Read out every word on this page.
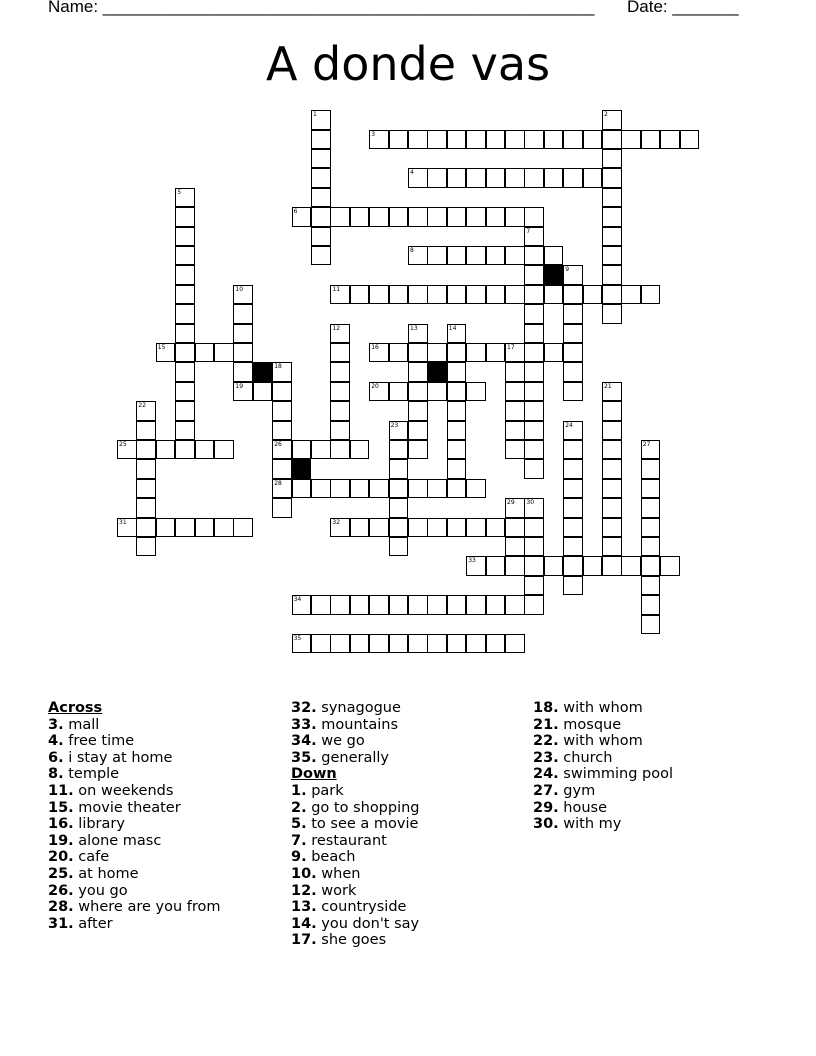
Name: ____________________________________________________ Date: _______
A donde vas
3
4
6
8
11
15	16	17
19	20
25	26
28
31	32
33
34
35
1	2
5
7
9
10
12	13	14
18
21
22
23	24
27
29 30
Across
3. mall
4. free time
6. i stay at home
8. temple
11. on weekends
15. movie theater
16. library
19. alone masc
20. cafe
25. at home
26. you go
28. where are you from
31. after
32. synagogue
33. mountains
34. we go
35. generally
Down
1. park
2. go to shopping
5. to see a movie
7. restaurant
9. beach
10. when
12. work
13. countryside
14. you don't say
17. she goes
18. with whom
21. mosque
22. with whom
23. church
24. swimming pool
27. gym
29. house
30. with my
